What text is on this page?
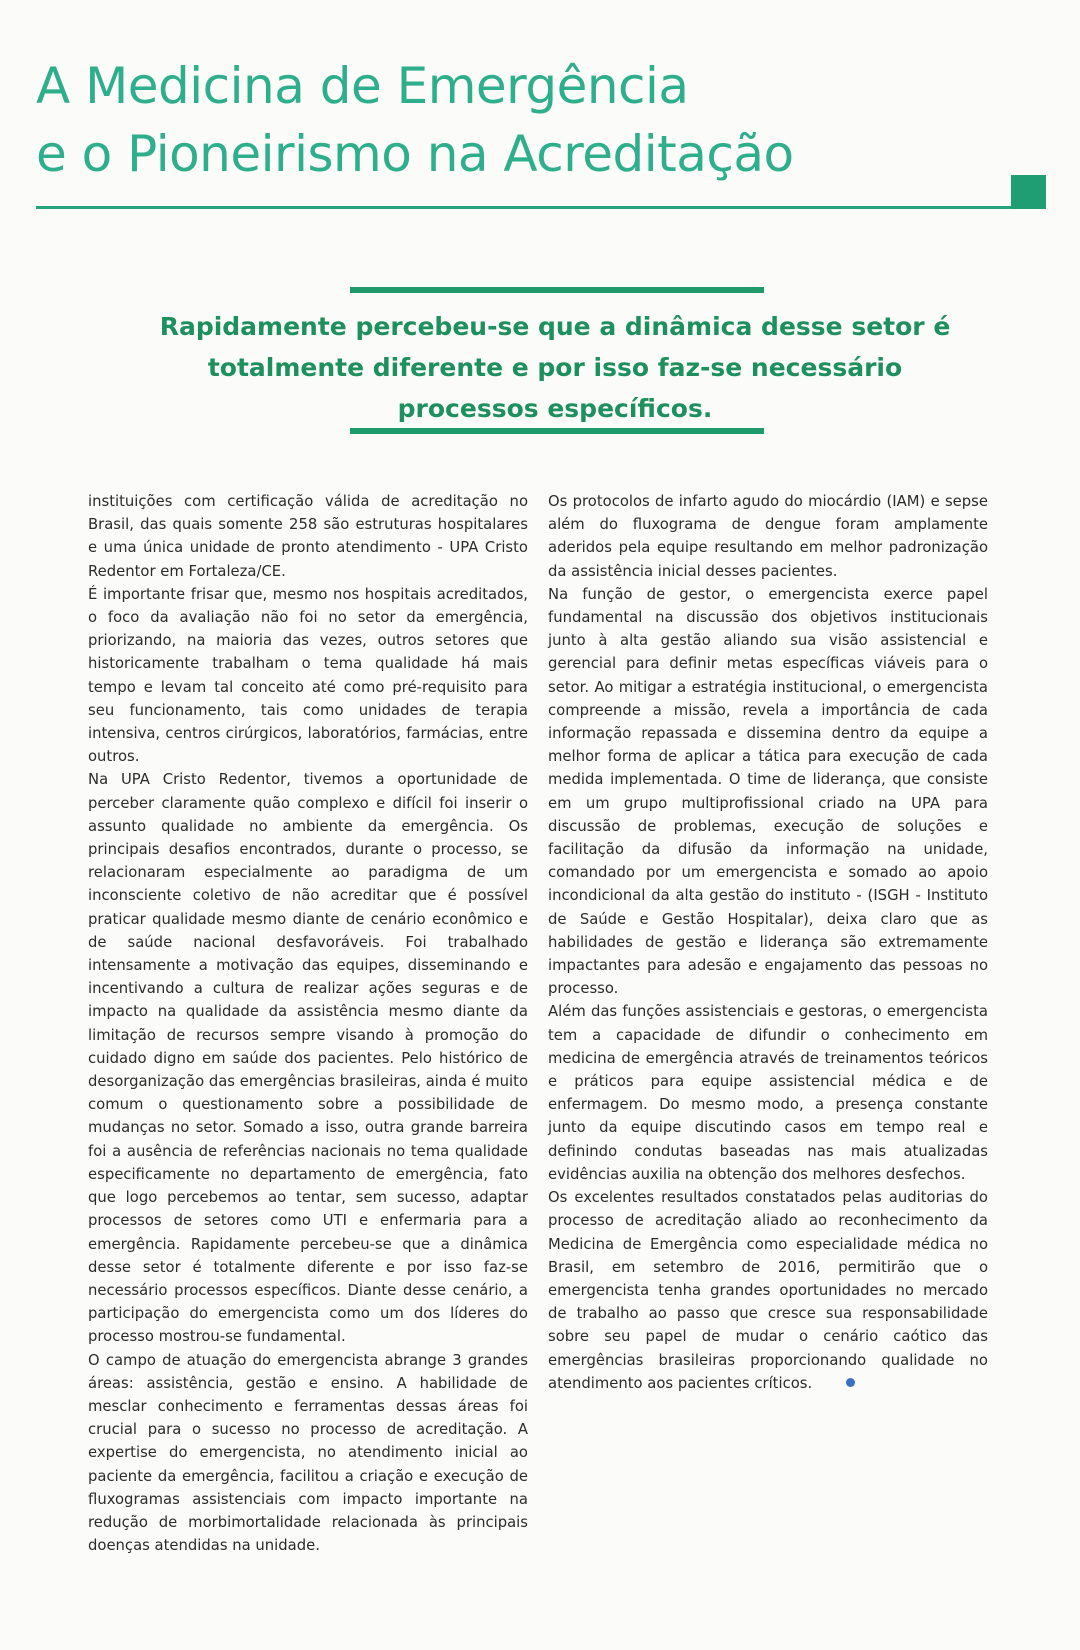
A Medicina de Emergência
e o Pioneirismo na Acreditação

Rapidamente percebeu-se que a dinâmica desse setor é totalmente diferente e por isso faz-se necessário processos específicos.

instituições com certificação válida de acreditação no Brasil, das quais somente 258 são estruturas hospitalares e uma única unidade de pronto atendimento - UPA Cristo Redentor em Fortaleza/CE.

É importante frisar que, mesmo nos hospitais acreditados, o foco da avaliação não foi no setor da emergência, priorizando, na maioria das vezes, outros setores que historicamente trabalham o tema qualidade há mais tempo e levam tal conceito até como pré-requisito para seu funcionamento, tais como unidades de terapia intensiva, centros cirúrgicos, laboratórios, farmácias, entre outros.

Na UPA Cristo Redentor, tivemos a oportunidade de perceber claramente quão complexo e difícil foi inserir o assunto qualidade no ambiente da emergência. Os principais desafios encontrados, durante o processo, se relacionaram especialmente ao paradigma de um inconsciente coletivo de não acreditar que é possível praticar qualidade mesmo diante de cenário econômico e de saúde nacional desfavoráveis. Foi trabalhado intensamente a motivação das equipes, disseminando e incentivando a cultura de realizar ações seguras e de impacto na qualidade da assistência mesmo diante da limitação de recursos sempre visando à promoção do cuidado digno em saúde dos pacientes. Pelo histórico de desorganização das emergências brasileiras, ainda é muito comum o questionamento sobre a possibilidade de mudanças no setor. Somado a isso, outra grande barreira foi a ausência de referências nacionais no tema qualidade especificamente no departamento de emergência, fato que logo percebemos ao tentar, sem sucesso, adaptar processos de setores como UTI e enfermaria para a emergência. Rapidamente percebeu-se que a dinâmica desse setor é totalmente diferente e por isso faz-se necessário processos específicos. Diante desse cenário, a participação do emergencista como um dos líderes do processo mostrou-se fundamental.

O campo de atuação do emergencista abrange 3 grandes áreas: assistência, gestão e ensino. A habilidade de mesclar conhecimento e ferramentas dessas áreas foi crucial para o sucesso no processo de acreditação. A expertise do emergencista, no atendimento inicial ao paciente da emergência, facilitou a criação e execução de fluxogramas assistenciais com impacto importante na redução de morbimortalidade relacionada às principais doenças atendidas na unidade.

Os protocolos de infarto agudo do miocárdio (IAM) e sepse além do fluxograma de dengue foram amplamente aderidos pela equipe resultando em melhor padronização da assistência inicial desses pacientes.

Na função de gestor, o emergencista exerce papel fundamental na discussão dos objetivos institucionais junto à alta gestão aliando sua visão assistencial e gerencial para definir metas específicas viáveis para o setor. Ao mitigar a estratégia institucional, o emergencista compreende a missão, revela a importância de cada informação repassada e dissemina dentro da equipe a melhor forma de aplicar a tática para execução de cada medida implementada. O time de liderança, que consiste em um grupo multiprofissional criado na UPA para discussão de problemas, execução de soluções e facilitação da difusão da informação na unidade, comandado por um emergencista e somado ao apoio incondicional da alta gestão do instituto - (ISGH - Instituto de Saúde e Gestão Hospitalar), deixa claro que as habilidades de gestão e liderança são extremamente impactantes para adesão e engajamento das pessoas no processo.

Além das funções assistenciais e gestoras, o emergencista tem a capacidade de difundir o conhecimento em medicina de emergência através de treinamentos teóricos e práticos para equipe assistencial médica e de enfermagem. Do mesmo modo, a presença constante junto da equipe discutindo casos em tempo real e definindo condutas baseadas nas mais atualizadas evidências auxilia na obtenção dos melhores desfechos.

Os excelentes resultados constatados pelas auditorias do processo de acreditação aliado ao reconhecimento da Medicina de Emergência como especialidade médica no Brasil, em setembro de 2016, permitirão que o emergencista tenha grandes oportunidades no mercado de trabalho ao passo que cresce sua responsabilidade sobre seu papel de mudar o cenário caótico das emergências brasileiras proporcionando qualidade no atendimento aos pacientes críticos.
